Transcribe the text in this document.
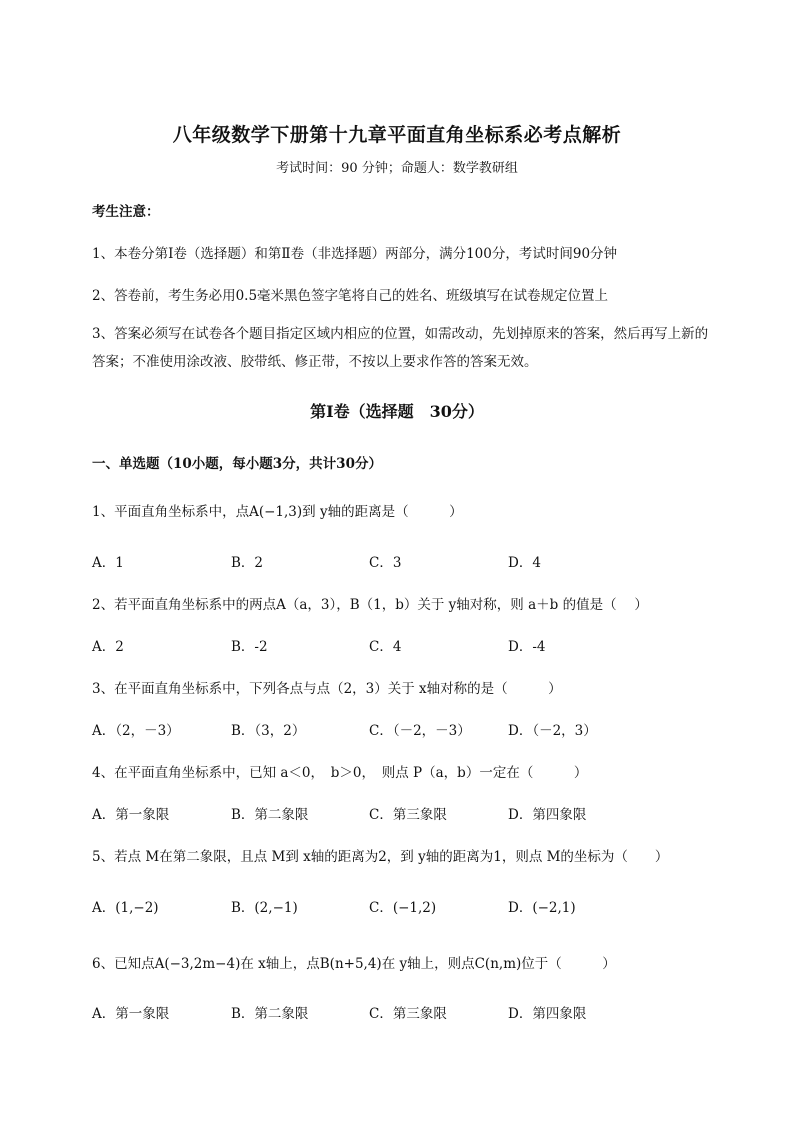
八年级数学下册第十九章平面直角坐标系必考点解析
考试时间：90 分钟；命题人：数学教研组
考生注意：
1、本卷分第Ⅰ卷（选择题）和第Ⅱ卷（非选择题）两部分，满分100分，考试时间90分钟
2、答卷前，考生务必用0.5毫米黑色签字笔将自己的姓名、班级填写在试卷规定位置上
3、答案必须写在试卷各个题目指定区域内相应的位置，如需改动，先划掉原来的答案，然后再写上新的答案；不准使用涂改液、胶带纸、修正带，不按以上要求作答的答案无效。
第Ⅰ卷（选择题　30分）
一、单选题（10小题，每小题3分，共计30分）
1、平面直角坐标系中，点A(−1,3)到 y轴的距离是（　　　）
A．1	B．2	C．3	D．4
2、若平面直角坐标系中的两点A（a，3），B（1，b）关于 y轴对称，则 a＋b 的值是（　 ）
A．2	B．-2	C．4	D．-4
3、在平面直角坐标系中，下列各点与点（2，3）关于 x轴对称的是（　　　）
A．（2，－3）	B．（3，2）	C．（－2，－3）	D．（－2，3）
4、在平面直角坐标系中，已知 a＜0，　b＞0，　则点 P（a，b）一定在（　　　）
A．第一象限	B．第二象限	C．第三象限	D．第四象限
5、若点 M在第二象限，且点 M到 x轴的距离为2，到 y轴的距离为1，则点 M的坐标为（　　）
A．(1,−2)	B．(2,−1)	C．(−1,2)	D．(−2,1)
6、已知点A(−3,2m−4)在 x轴上，点B(n+5,4)在 y轴上，则点C(n,m)位于（　　　）
A．第一象限	B．第二象限	C．第三象限	D．第四象限
